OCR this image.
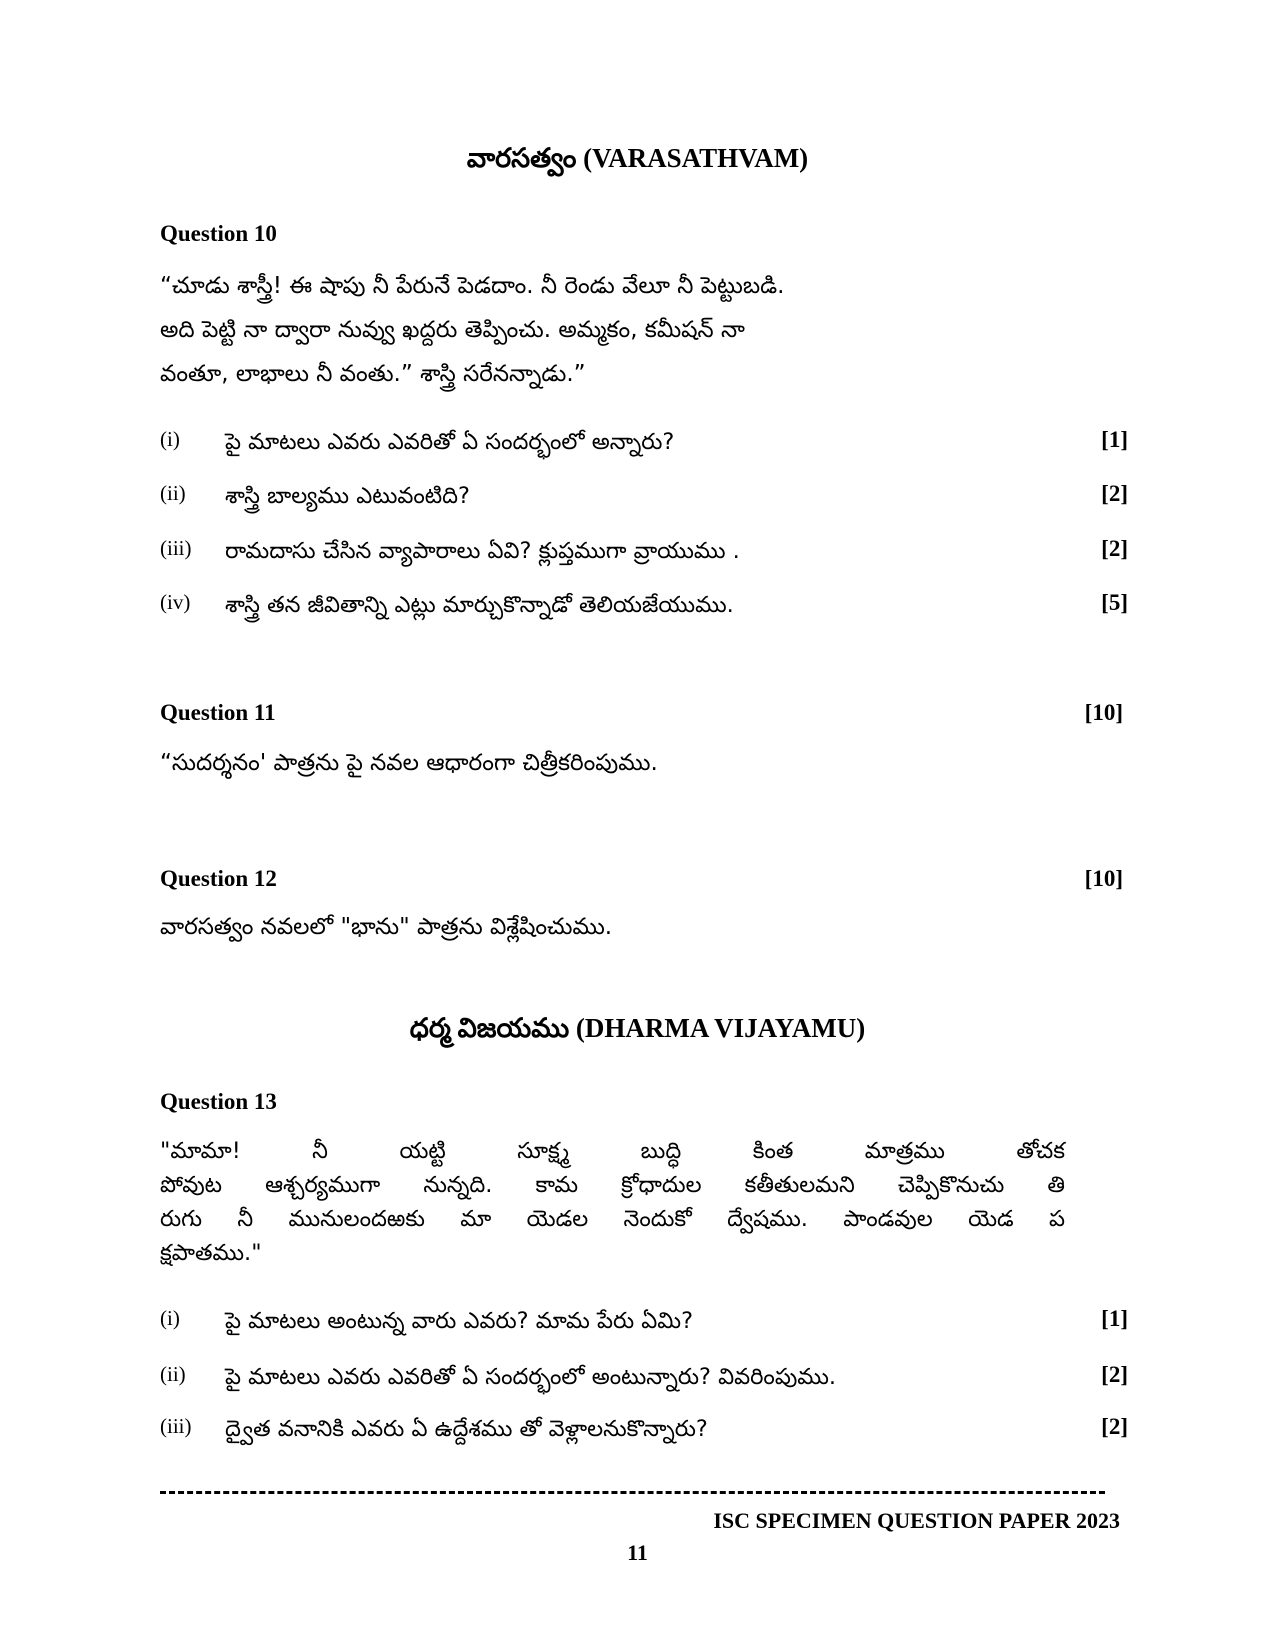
వారసత్వం (VARASATHVAM)
Question 10
“చూడు శాస్త్రీ! ఈ షాపు నీ పేరునే పెడదాం. నీ రెండు వేలూ నీ పెట్టుబడి.
అది పెట్టి నా ద్వారా నువ్వు ఖద్దరు తెప్పించు. అమ్మకం, కమీషన్ నా
వంతూ, లాభాలు నీ వంతు.” శాస్త్రి సరేనన్నాడు.”
(i) పై మాటలు ఎవరు ఎవరితో ఏ సందర్భంలో అన్నారు?	[1]
(ii) శాస్త్రి బాల్యము ఎటువంటిది?	[2]
(iii) రామదాసు చేసిన వ్యాపారాలు ఏవి? క్లుప్తముగా వ్రాయుము .	[2]
(iv) శాస్త్రి తన జీవితాన్ని ఎట్లు మార్చుకొన్నాడో తెలియజేయుము.	[5]
Question 11	[10]
“సుదర్శనం' పాత్రను పై నవల ఆధారంగా చిత్రీకరింపుము.
Question 12	[10]
వారసత్వం నవలలో "భాను" పాత్రను విశ్లేషించుము.
ధర్మ విజయము (DHARMA VIJAYAMU)
Question 13
"మామా! నీ యట్టి సూక్ష్మ బుద్ధి కింత మాత్రము తోచక
పోవుట ఆశ్చర్యముగా నున్నది. కామ క్రోధాదుల కతీతులమని చెప్పికొనుచు తి
రుగు నీ మునులందఱకు మా యెడల నెందుకో ద్వేషము. పాండవుల యెడ ప
క్షపాతము."
(i) పై మాటలు అంటున్న వారు ఎవరు? మామ పేరు ఏమి?	[1]
(ii) పై మాటలు ఎవరు ఎవరితో ఏ సందర్భంలో అంటున్నారు? వివరింపుము.	[2]
(iii) ద్వైత వనానికి ఎవరు ఏ ఉద్దేశము తో వెళ్లాలనుకొన్నారు?	[2]
ISC SPECIMEN QUESTION PAPER 2023
11
